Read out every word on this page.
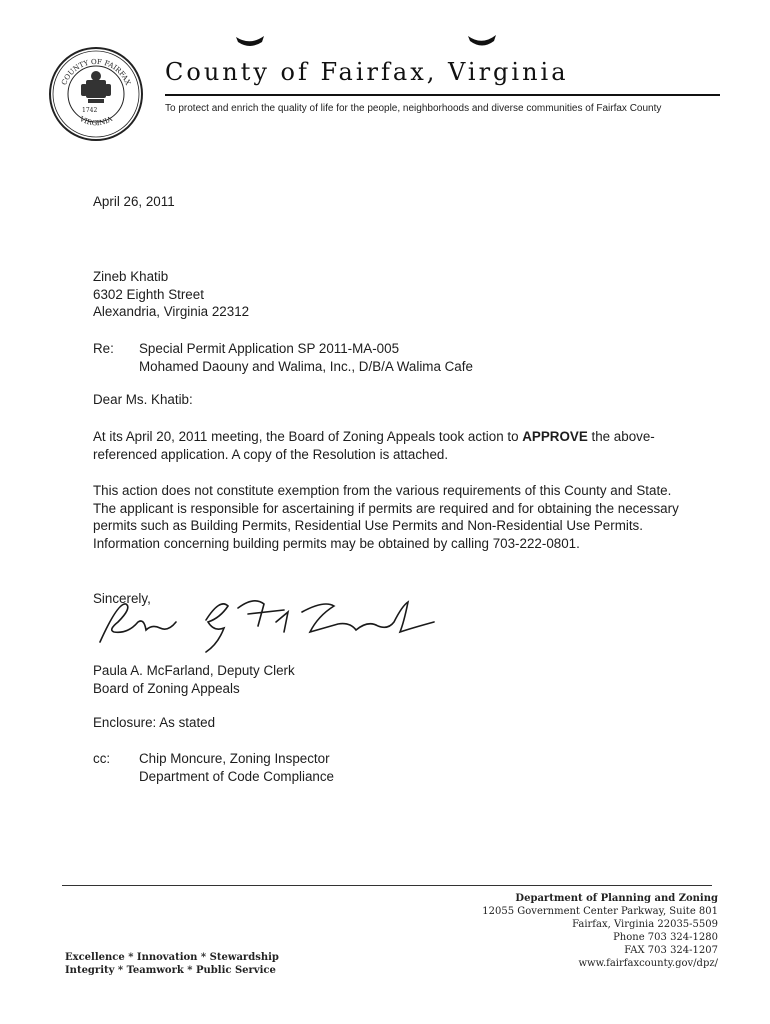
COUNTY OF FAIRFAX
VIRGINIA
1742
County of Fairfax, Virginia
To protect and enrich the quality of life for the people, neighborhoods and diverse communities of Fairfax County
April 26, 2011
Zineb Khatib
6302 Eighth Street
Alexandria, Virginia 22312
Re: Special Permit Application SP 2011-MA-005
Mohamed Daouny and Walima, Inc., D/B/A Walima Cafe
Dear Ms. Khatib:
At its April 20, 2011 meeting, the Board of Zoning Appeals took action to APPROVE the above-referenced application. A copy of the Resolution is attached.
This action does not constitute exemption from the various requirements of this County and State. The applicant is responsible for ascertaining if permits are required and for obtaining the necessary permits such as Building Permits, Residential Use Permits and Non-Residential Use Permits. Information concerning building permits may be obtained by calling 703-222-0801.
Sincerely,
Paula A. McFarland, Deputy Clerk
Board of Zoning Appeals
Enclosure: As stated
cc: Chip Moncure, Zoning Inspector
Department of Code Compliance
Department of Planning and Zoning
12055 Government Center Parkway, Suite 801
Fairfax, Virginia 22035-5509
Phone 703 324-1280
FAX 703 324-1207
www.fairfaxcounty.gov/dpz/
Excellence * Innovation * Stewardship
Integrity * Teamwork * Public Service
